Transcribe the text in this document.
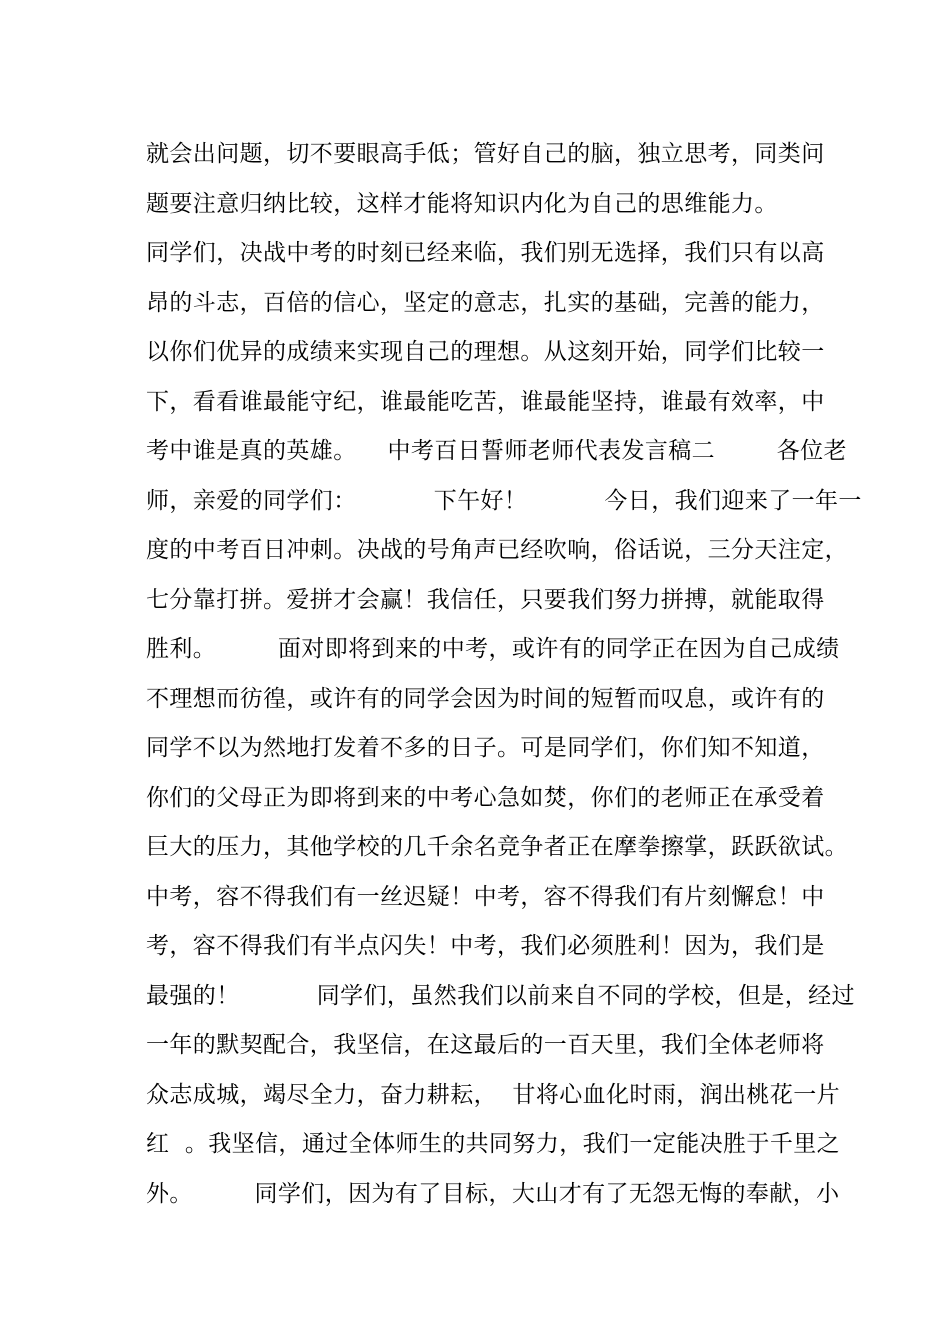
就会出问题，切不要眼高手低；管好自己的脑，独立思考，同类问
题要注意归纳比较，这样才能将知识内化为自己的思维能力。
同学们，决战中考的时刻已经来临，我们别无选择，我们只有以高
昂的斗志，百倍的信心，坚定的意志，扎实的基础，完善的能力，
以你们优异的成绩来实现自己的理想。从这刻开始，同学们比较一
下，看看谁最能守纪，谁最能吃苦，谁最能坚持，谁最有效率，中
考中谁是真的英雄。    中考百日誓师老师代表发言稿二        各位老
师，亲爱的同学们：          下午好！          今日，我们迎来了一年一
度的中考百日冲刺。决战的号角声已经吹响，俗话说，三分天注定，
七分靠打拼。爱拼才会赢！我信任，只要我们努力拼搏，就能取得
胜利。        面对即将到来的中考，或许有的同学正在因为自己成绩
不理想而彷徨，或许有的同学会因为时间的短暂而叹息，或许有的
同学不以为然地打发着不多的日子。可是同学们，你们知不知道，
你们的父母正为即将到来的中考心急如焚，你们的老师正在承受着
巨大的压力，其他学校的几千余名竞争者正在摩拳擦掌，跃跃欲试。
中考，容不得我们有一丝迟疑！中考，容不得我们有片刻懈怠！中
考，容不得我们有半点闪失！中考，我们必须胜利！因为，我们是
最强的！          同学们，虽然我们以前来自不同的学校，但是，经过
一年的默契配合，我坚信，在这最后的一百天里，我们全体老师将
众志成城，竭尽全力，奋力耕耘，  甘将心血化时雨，润出桃花一片
红  。我坚信，通过全体师生的共同努力，我们一定能决胜于千里之
外。        同学们，因为有了目标，大山才有了无怨无悔的奉献，小
